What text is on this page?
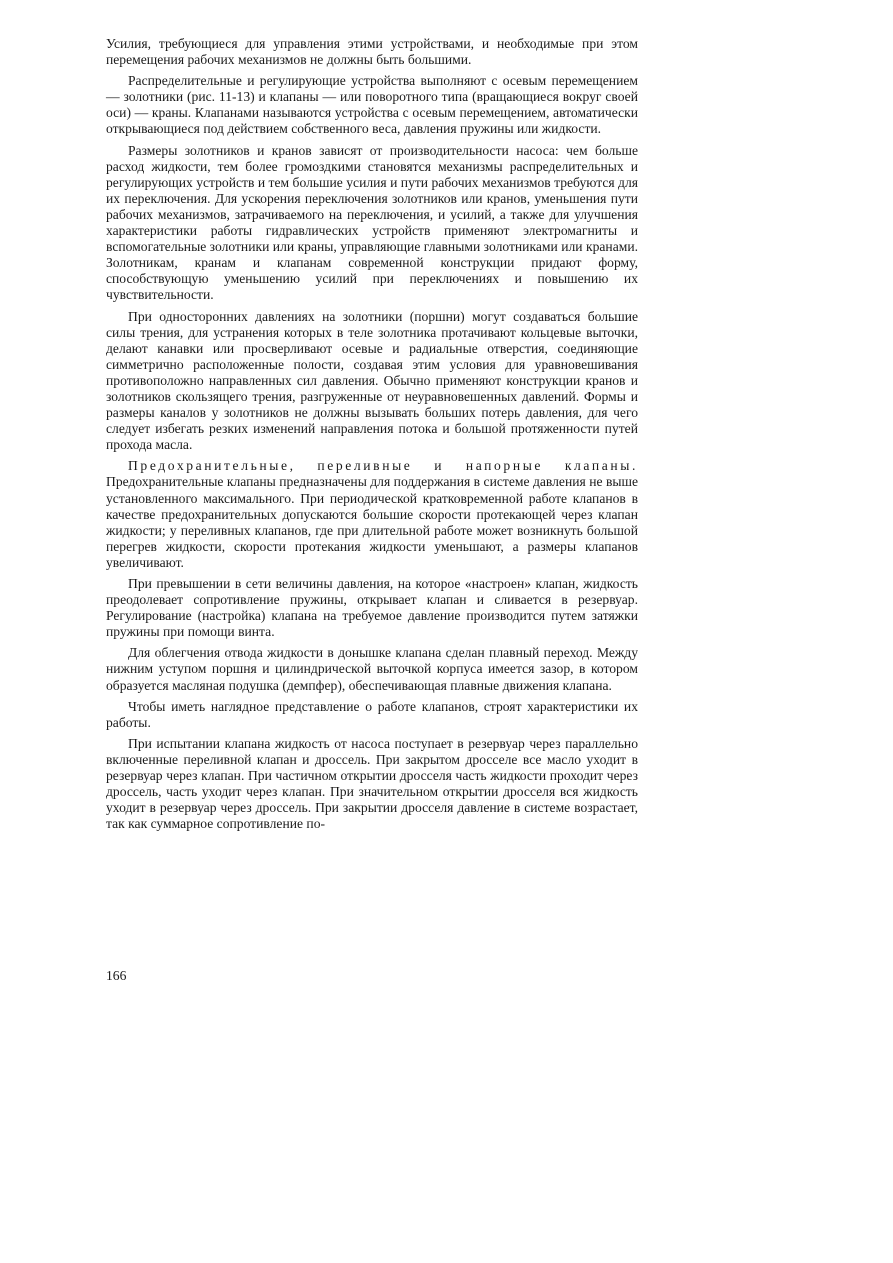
Усилия, требующиеся для управления этими устройствами, и необходимые при этом перемещения рабочих механизмов не должны быть большими.

Распределительные и регулирующие устройства выполняют с осевым перемещением — золотники (рис. 11-13) и клапаны — или поворотного типа (вращающиеся вокруг своей оси) — краны. Клапанами называются устройства с осевым перемещением, автоматически открывающиеся под действием собственного веса, давления пружины или жидкости.

Размеры золотников и кранов зависят от производительности насоса: чем больше расход жидкости, тем более громоздкими становятся механизмы распределительных и регулирующих устройств и тем большие усилия и пути рабочих механизмов требуются для их переключения. Для ускорения переключения золотников или кранов, уменьшения пути рабочих механизмов, затрачиваемого на переключения, и усилий, а также для улучшения характеристики работы гидравлических устройств применяют электромагниты и вспомогательные золотники или краны, управляющие главными золотниками или кранами. Золотникам, кранам и клапанам современной конструкции придают форму, способствующую уменьшению усилий при переключениях и повышению их чувствительности.

При односторонних давлениях на золотники (поршни) могут создаваться большие силы трения, для устранения которых в теле золотника протачивают кольцевые выточки, делают канавки или просверливают осевые и радиальные отверстия, соединяющие симметрично расположенные полости, создавая этим условия для уравновешивания противоположно направленных сил давления. Обычно применяют конструкции кранов и золотников скользящего трения, разгруженные от неуравновешенных давлений. Формы и размеры каналов у золотников не должны вызывать больших потерь давления, для чего следует избегать резких изменений направления потока и большой протяженности путей прохода масла.

Предохранительные, переливные и напорные клапаны. Предохранительные клапаны предназначены для поддержания в системе давления не выше установленного максимального. При периодической кратковременной работе клапанов в качестве предохранительных допускаются большие скорости протекающей через клапан жидкости; у переливных клапанов, где при длительной работе может возникнуть большой перегрев жидкости, скорости протекания жидкости уменьшают, а размеры клапанов увеличивают.

При превышении в сети величины давления, на которое «настроен» клапан, жидкость преодолевает сопротивление пружины, открывает клапан и сливается в резервуар. Регулирование (настройка) клапана на требуемое давление производится путем затяжки пружины при помощи винта.

Для облегчения отвода жидкости в донышке клапана сделан плавный переход. Между нижним уступом поршня и цилиндрической выточкой корпуса имеется зазор, в котором образуется масляная подушка (демпфер), обеспечивающая плавные движения клапана.

Чтобы иметь наглядное представление о работе клапанов, строят характеристики их работы.

При испытании клапана жидкость от насоса поступает в резервуар через параллельно включенные переливной клапан и дроссель. При закрытом дросселе все масло уходит в резервуар через клапан. При частичном открытии дросселя часть жидкости проходит через дроссель, часть уходит через клапан. При значительном открытии дросселя вся жидкость уходит в резервуар через дроссель. При закрытии дросселя давление в системе возрастает, так как суммарное сопротивление по-

166
